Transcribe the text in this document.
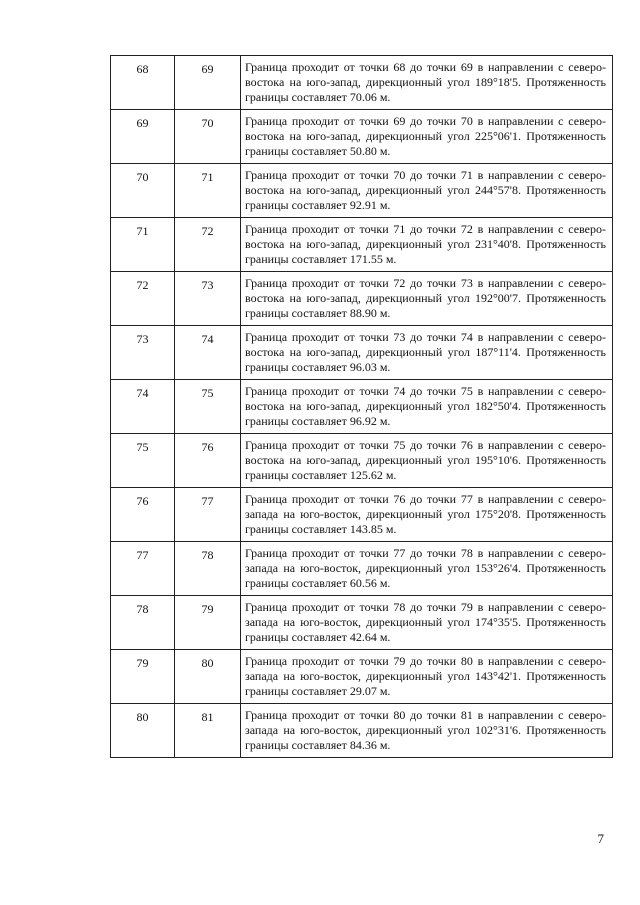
68	69	Граница проходит от точки 68 до точки 69 в направлении с северо-востока на юго-запад, дирекционный угол 189°18'5. Протяженность границы составляет 70.06 м.
69	70	Граница проходит от точки 69 до точки 70 в направлении с северо-востока на юго-запад, дирекционный угол 225°06'1. Протяженность границы составляет 50.80 м.
70	71	Граница проходит от точки 70 до точки 71 в направлении с северо-востока на юго-запад, дирекционный угол 244°57'8. Протяженность границы составляет 92.91 м.
71	72	Граница проходит от точки 71 до точки 72 в направлении с северо-востока на юго-запад, дирекционный угол 231°40'8. Протяженность границы составляет 171.55 м.
72	73	Граница проходит от точки 72 до точки 73 в направлении с северо-востока на юго-запад, дирекционный угол 192°00'7. Протяженность границы составляет 88.90 м.
73	74	Граница проходит от точки 73 до точки 74 в направлении с северо-востока на юго-запад, дирекционный угол 187°11'4. Протяженность границы составляет 96.03 м.
74	75	Граница проходит от точки 74 до точки 75 в направлении с северо-востока на юго-запад, дирекционный угол 182°50'4. Протяженность границы составляет 96.92 м.
75	76	Граница проходит от точки 75 до точки 76 в направлении с северо-востока на юго-запад, дирекционный угол 195°10'6. Протяженность границы составляет 125.62 м.
76	77	Граница проходит от точки 76 до точки 77 в направлении с северо-запада на юго-восток, дирекционный угол 175°20'8. Протяженность границы составляет 143.85 м.
77	78	Граница проходит от точки 77 до точки 78 в направлении с северо-запада на юго-восток, дирекционный угол 153°26'4. Протяженность границы составляет 60.56 м.
78	79	Граница проходит от точки 78 до точки 79 в направлении с северо-запада на юго-восток, дирекционный угол 174°35'5. Протяженность границы составляет 42.64 м.
79	80	Граница проходит от точки 79 до точки 80 в направлении с северо-запада на юго-восток, дирекционный угол 143°42'1. Протяженность границы составляет 29.07 м.
80	81	Граница проходит от точки 80 до точки 81 в направлении с северо-запада на юго-восток, дирекционный угол 102°31'6. Протяженность границы составляет 84.36 м.
7
